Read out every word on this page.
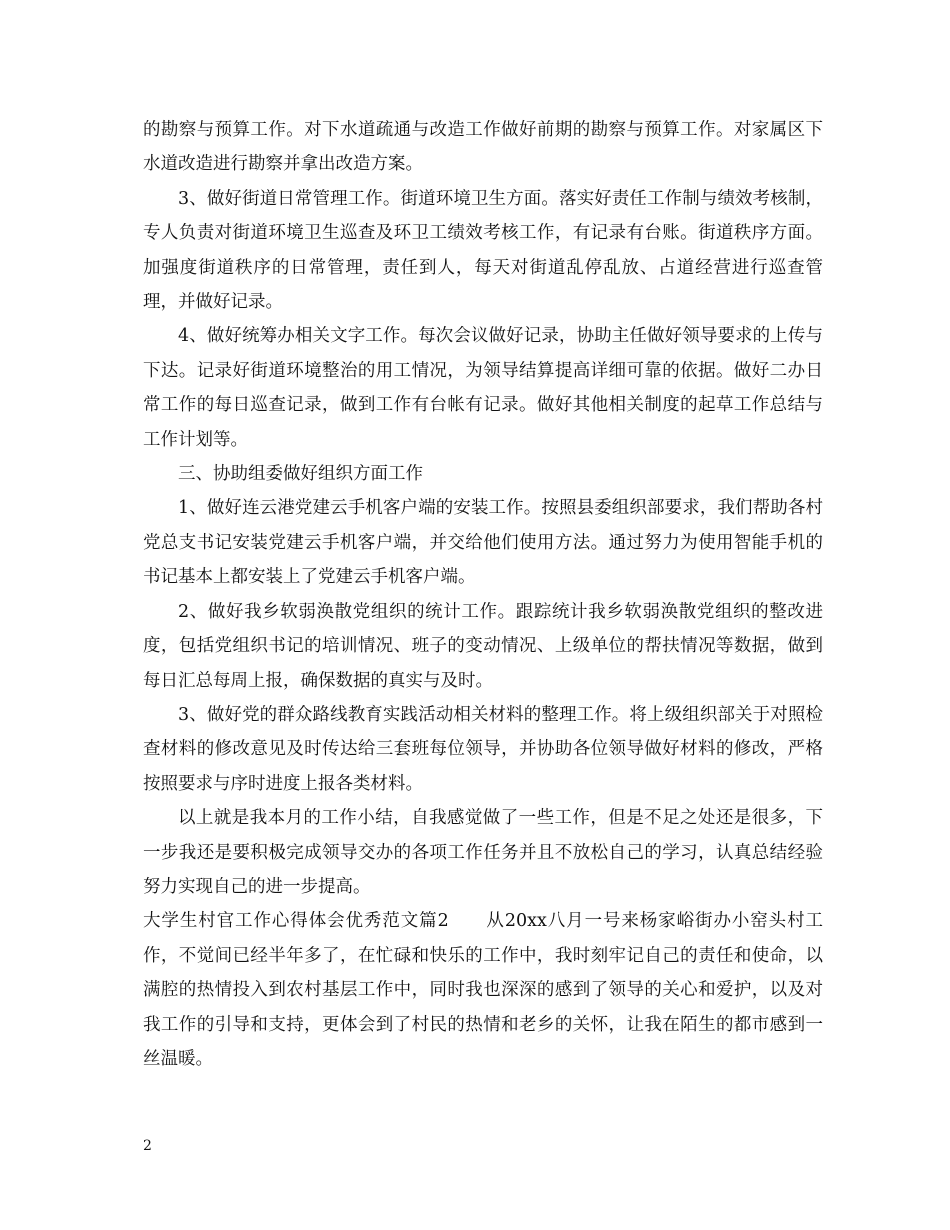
的勘察与预算工作。对下水道疏通与改造工作做好前期的勘察与预算工作。对家属区下水道改造进行勘察并拿出改造方案。

3、做好街道日常管理工作。街道环境卫生方面。落实好责任工作制与绩效考核制，专人负责对街道环境卫生巡查及环卫工绩效考核工作，有记录有台账。街道秩序方面。加强度街道秩序的日常管理，责任到人，每天对街道乱停乱放、占道经营进行巡查管理，并做好记录。

4、做好统筹办相关文字工作。每次会议做好记录，协助主任做好领导要求的上传与下达。记录好街道环境整治的用工情况，为领导结算提高详细可靠的依据。做好二办日常工作的每日巡查记录，做到工作有台帐有记录。做好其他相关制度的起草工作总结与工作计划等。

三、协助组委做好组织方面工作

1、做好连云港党建云手机客户端的安装工作。按照县委组织部要求，我们帮助各村党总支书记安装党建云手机客户端，并交给他们使用方法。通过努力为使用智能手机的书记基本上都安装上了党建云手机客户端。

2、做好我乡软弱涣散党组织的统计工作。跟踪统计我乡软弱涣散党组织的整改进度，包括党组织书记的培训情况、班子的变动情况、上级单位的帮扶情况等数据，做到每日汇总每周上报，确保数据的真实与及时。

3、做好党的群众路线教育实践活动相关材料的整理工作。将上级组织部关于对照检查材料的修改意见及时传达给三套班每位领导，并协助各位领导做好材料的修改，严格按照要求与序时进度上报各类材料。

以上就是我本月的工作小结，自我感觉做了一些工作，但是不足之处还是很多，下一步我还是要积极完成领导交办的各项工作任务并且不放松自己的学习，认真总结经验努力实现自己的进一步提高。

大学生村官工作心得体会优秀范文篇2　　从20xx八月一号来杨家峪街办小窑头村工作，不觉间已经半年多了，在忙碌和快乐的工作中，我时刻牢记自己的责任和使命，以满腔的热情投入到农村基层工作中，同时我也深深的感到了领导的关心和爱护，以及对我工作的引导和支持，更体会到了村民的热情和老乡的关怀，让我在陌生的都市感到一丝温暖。

2
